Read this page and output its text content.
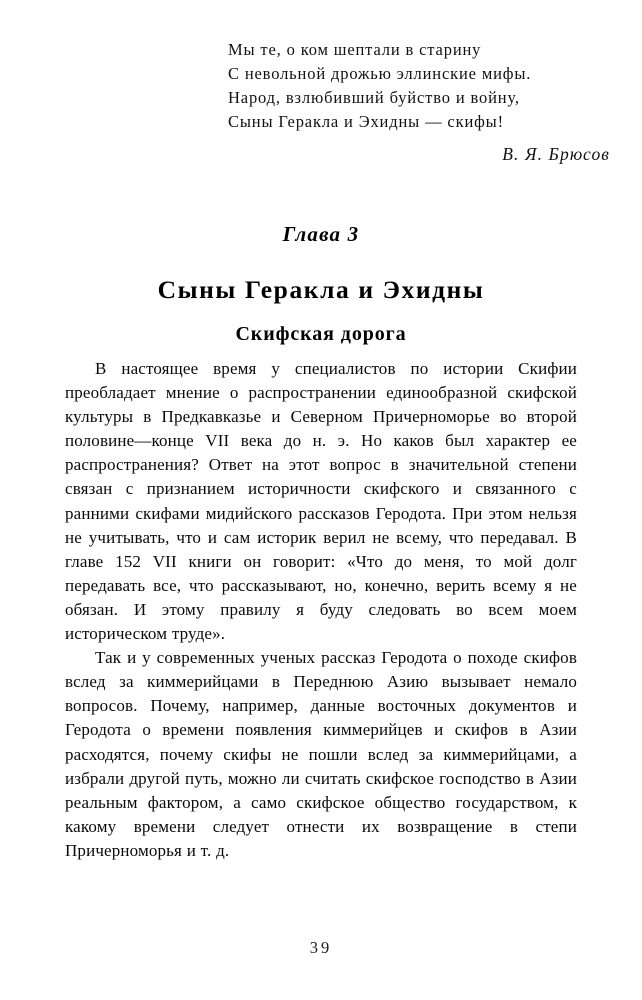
Мы те, о ком шептали в старину
С невольной дрожью эллинские мифы.
Народ, взлюбивший буйство и войну,
Сыны Геракла и Эхидны — скифы!
В. Я. Брюсов
Глава 3
Сыны Геракла и Эхидны
Скифская дорога

В настоящее время у специалистов по истории Скифии преобладает мнение о распространении единообразной скифской культуры в Предкавказье и Северном Причерноморье во второй половине—конце VII века до н. э. Но каков был характер ее распространения? Ответ на этот вопрос в значительной степени связан с признанием историчности скифского и связанного с ранними скифами мидийского рассказов Геродота. При этом нельзя не учитывать, что и сам историк верил не всему, что передавал. В главе 152 VII книги он говорит: «Что до меня, то мой долг передавать все, что рассказывают, но, конечно, верить всему я не обязан. И этому правилу я буду следовать во всем моем историческом труде».

Так и у современных ученых рассказ Геродота о походе скифов вслед за киммерийцами в Переднюю Азию вызывает немало вопросов. Почему, например, данные восточных документов и Геродота о времени появления киммерийцев и скифов в Азии расходятся, почему скифы не пошли вслед за киммерийцами, а избрали другой путь, можно ли считать скифское господство в Азии реальным фактором, а само скифское общество государством, к какому времени следует отнести их возвращение в степи Причерноморья и т. д.

39
